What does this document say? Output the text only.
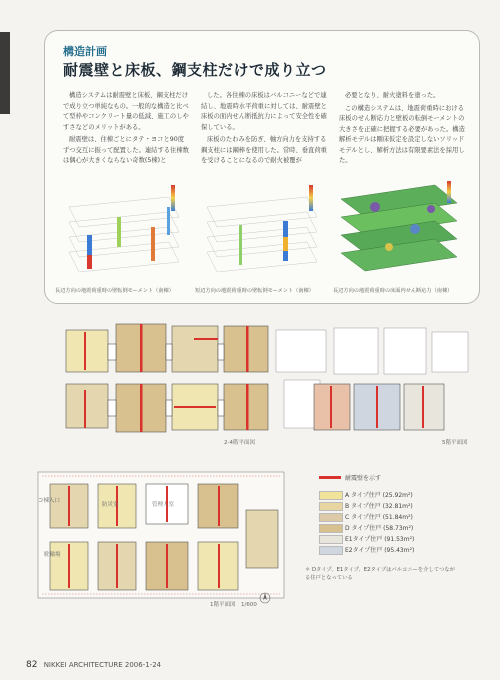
構造計画
耐震壁と床板、鋼支柱だけで成り立つ

構造システムは耐震壁と床板、鋼支柱だけで成り立つ単純なもの。一般的な構造と比べて型枠やコンクリート量の低減、施工のしやすさなどのメリットがある。

耐震壁は、住棟ごとにタテ・ヨコと90度ずつ交互に振って配置した。連結する住棟数は偶心が大きくならない奇数(5棟)と

した。各住棟の床板はバルコニーなどで連結し、地震時水平荷重に対しては、耐震壁と床板の面内せん断抵抗力によって安全性を確保している。

床板のたわみを防ぎ、軸方向力を支持する鋼支柱には鋼棒を使用した。常時、垂直荷重を受けることになるので耐火被覆が

必要となり、耐火塗料を塗った。

この構造システムは、地震荷重時における床板のせん断応力と壁板の転倒モーメントの大きさを正確に把握する必要があった。構造解析モデルは剛床仮定を設定しないソリッドモデルとし、解析方法は有限要素法を採用した。

長辺方向の地震荷重時の壁転倒モーメント（南棟）	短辺方向の地震荷重時の壁転倒モーメント（南棟）	長辺方向の地震荷重時の床面内せん断応力（南棟）
2-4階平面図	5階平面図
コ棟入口
防災室	管理人室
駐輪場
1階平面図　1/600
耐震壁を示す
A タイプ住戸 (25.92m²)
B タイプ住戸 (32.81m²)
C タイプ住戸 (51.84m²)
D タイプ住戸 (58.73m²)
E1タイプ住戸 (91.53m²)
E2タイプ住戸 (95.43m²)
＊ Dタイプ、E1タイプ、E2タイプはバルコニーを介してつながる住戸となっている
82 NIKKEI ARCHITECTURE 2006-1-24
